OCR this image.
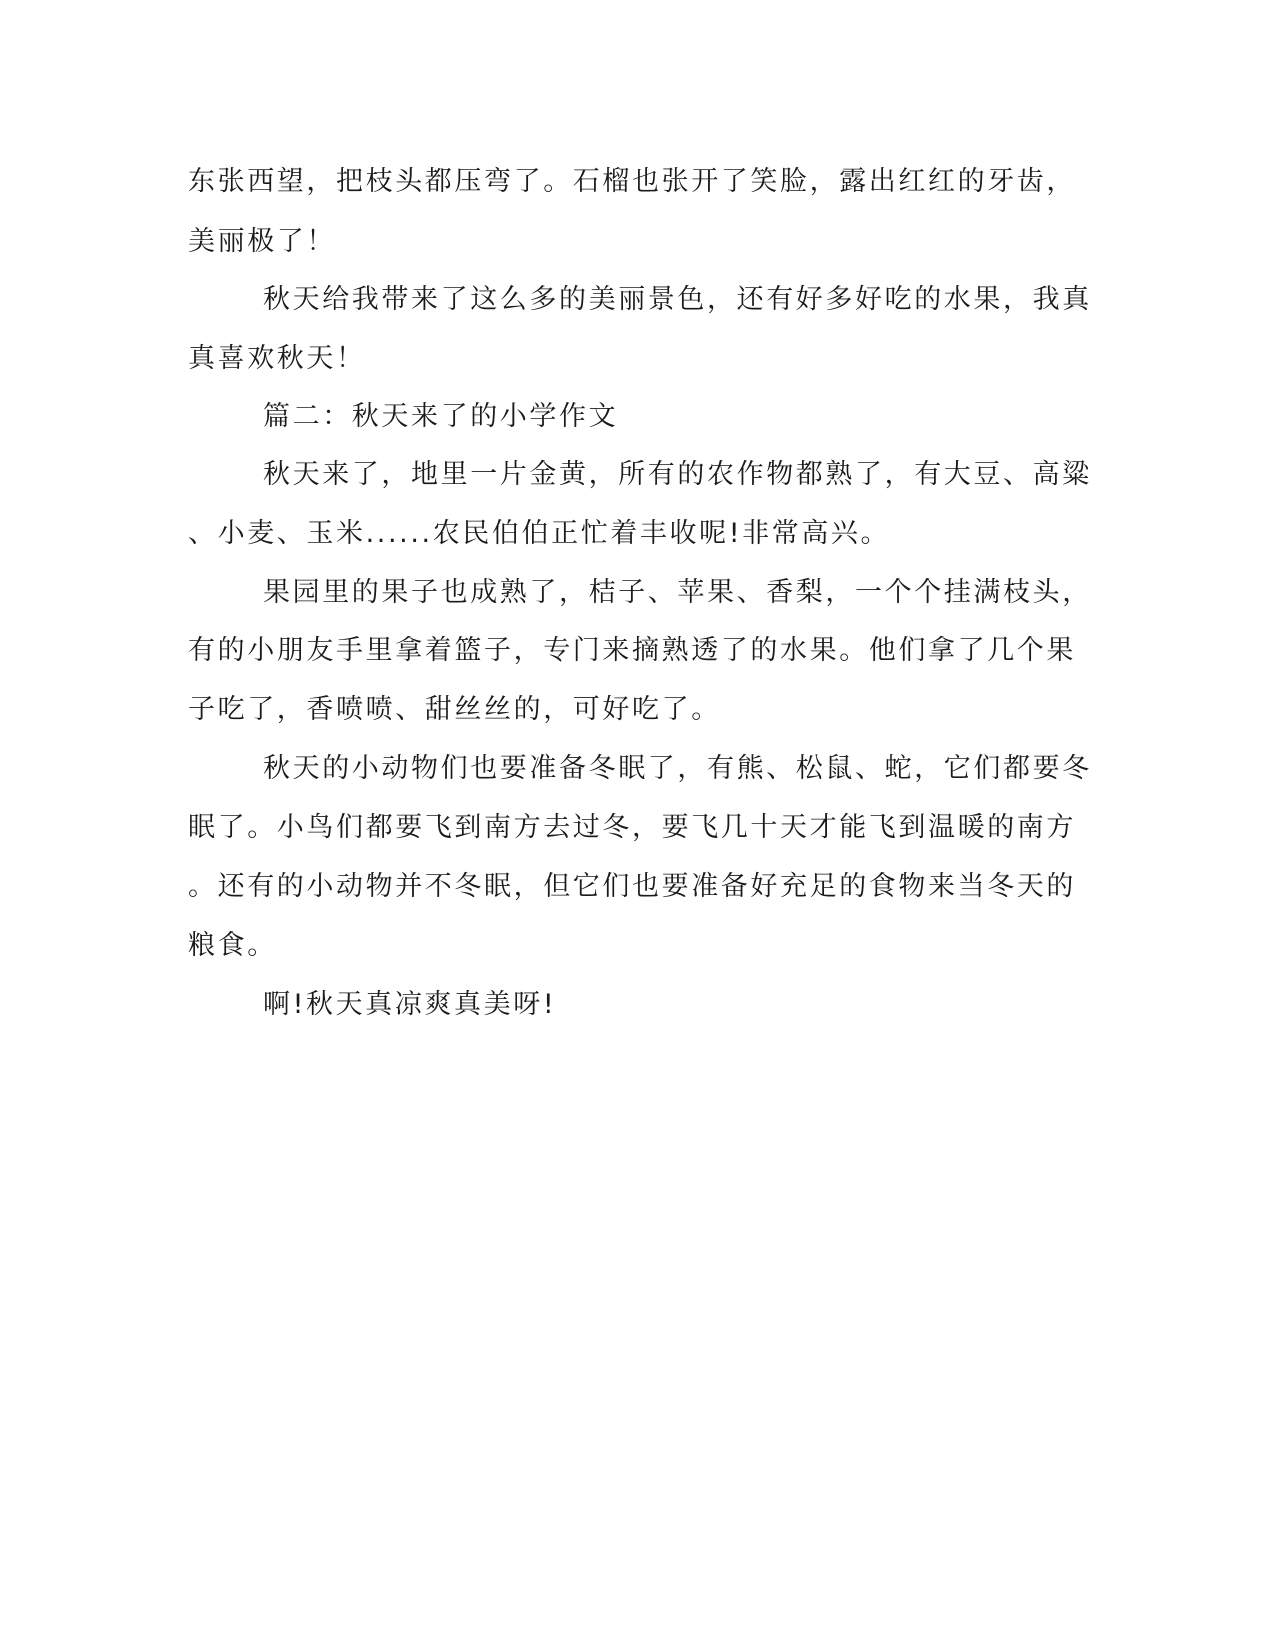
东张西望，把枝头都压弯了。石榴也张开了笑脸，露出红红的牙齿，
美丽极了！
秋天给我带来了这么多的美丽景色，还有好多好吃的水果，我真
真喜欢秋天！
篇二：秋天来了的小学作文
秋天来了，地里一片金黄，所有的农作物都熟了，有大豆、高粱
、小麦、玉米......农民伯伯正忙着丰收呢!非常高兴。
果园里的果子也成熟了，桔子、苹果、香梨，一个个挂满枝头，
有的小朋友手里拿着篮子，专门来摘熟透了的水果。他们拿了几个果
子吃了，香喷喷、甜丝丝的，可好吃了。
秋天的小动物们也要准备冬眠了，有熊、松鼠、蛇，它们都要冬
眠了。小鸟们都要飞到南方去过冬，要飞几十天才能飞到温暖的南方
。还有的小动物并不冬眠，但它们也要准备好充足的食物来当冬天的
粮食。
啊!秋天真凉爽真美呀!
